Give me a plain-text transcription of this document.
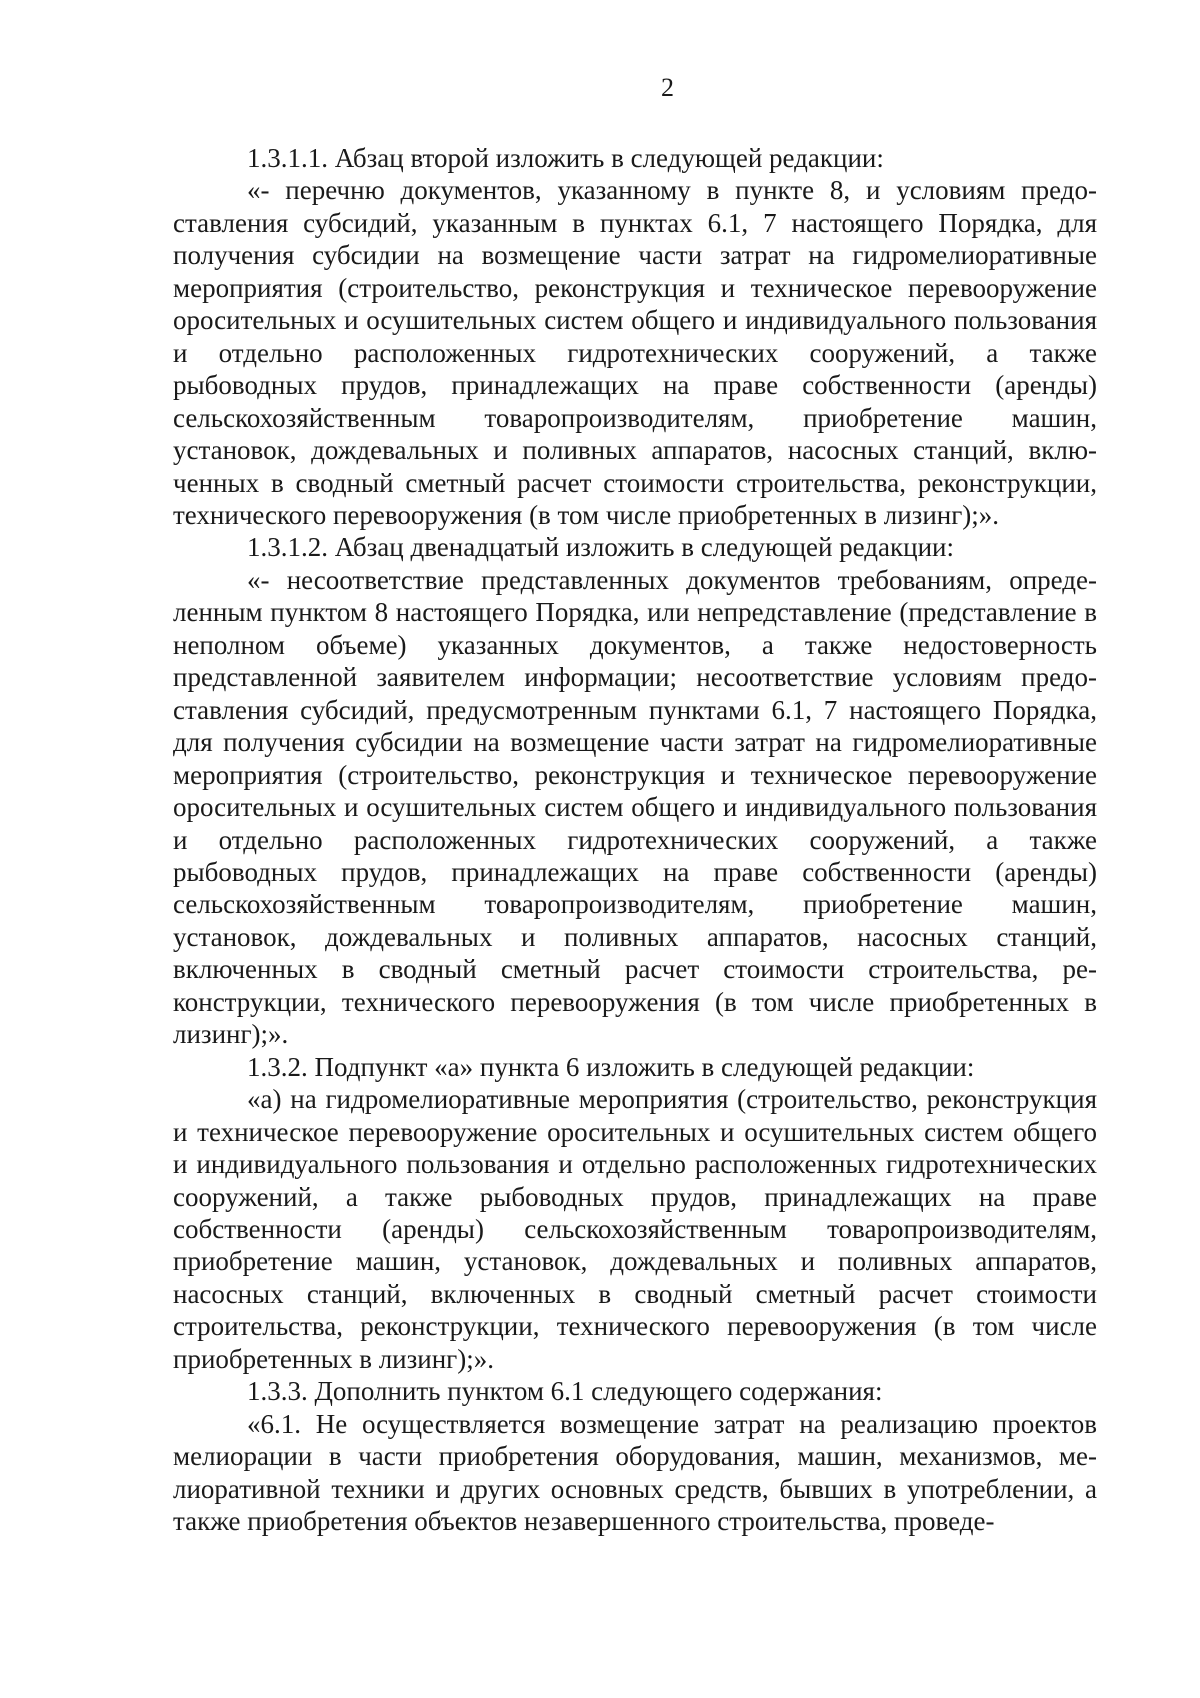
2

1.3.1.1. Абзац второй изложить в следующей редакции:

«- перечню документов, указанному в пункте 8, и условиям предоставления субсидий, указанным в пунктах 6.1, 7 настоящего Порядка, для получения субсидии на возмещение части затрат на гидромелиоративные мероприятия (строительство, реконструкция и техническое перевооружение оросительных и осушительных систем общего и индивидуального пользования и отдельно расположенных гидротехнических сооружений, а также рыбоводных прудов, принадлежащих на праве собственности (аренды) сельскохозяйственным товаропроизводителям, приобретение машин, установок, дождевальных и поливных аппаратов, насосных станций, включенных в сводный сметный расчет стоимости строительства, реконструкции, технического перевооружения (в том числе приобретенных в лизинг);».

1.3.1.2. Абзац двенадцатый изложить в следующей редакции:

«- несоответствие представленных документов требованиям, определенным пунктом 8 настоящего Порядка, или непредставление (представление в неполном объеме) указанных документов, а также недостоверность представленной заявителем информации; несоответствие условиям предоставления субсидий, предусмотренным пунктами 6.1, 7 настоящего Порядка, для получения субсидии на возмещение части затрат на гидромелиоративные мероприятия (строительство, реконструкция и техническое перевооружение оросительных и осушительных систем общего и индивидуального пользования и отдельно расположенных гидротехнических сооружений, а также рыбоводных прудов, принадлежащих на праве собственности (аренды) сельскохозяйственным товаропроизводителям, приобретение машин, установок, дождевальных и поливных аппаратов, насосных станций, включенных в сводный сметный расчет стоимости строительства, реконструкции, технического перевооружения (в том числе приобретенных в лизинг);».

1.3.2. Подпункт «а» пункта 6 изложить в следующей редакции:

«а) на гидромелиоративные мероприятия (строительство, реконструкция и техническое перевооружение оросительных и осушительных систем общего и индивидуального пользования и отдельно расположенных гидротехнических сооружений, а также рыбоводных прудов, принадлежащих на праве собственности (аренды) сельскохозяйственным товаропроизводителям, приобретение машин, установок, дождевальных и поливных аппаратов, насосных станций, включенных в сводный сметный расчет стоимости строительства, реконструкции, технического перевооружения (в том числе приобретенных в лизинг);».

1.3.3. Дополнить пунктом 6.1 следующего содержания:

«6.1. Не осуществляется возмещение затрат на реализацию проектов мелиорации в части приобретения оборудования, машин, механизмов, мелиоративной техники и других основных средств, бывших в употреблении, а также приобретения объектов незавершенного строительства, проведе-
